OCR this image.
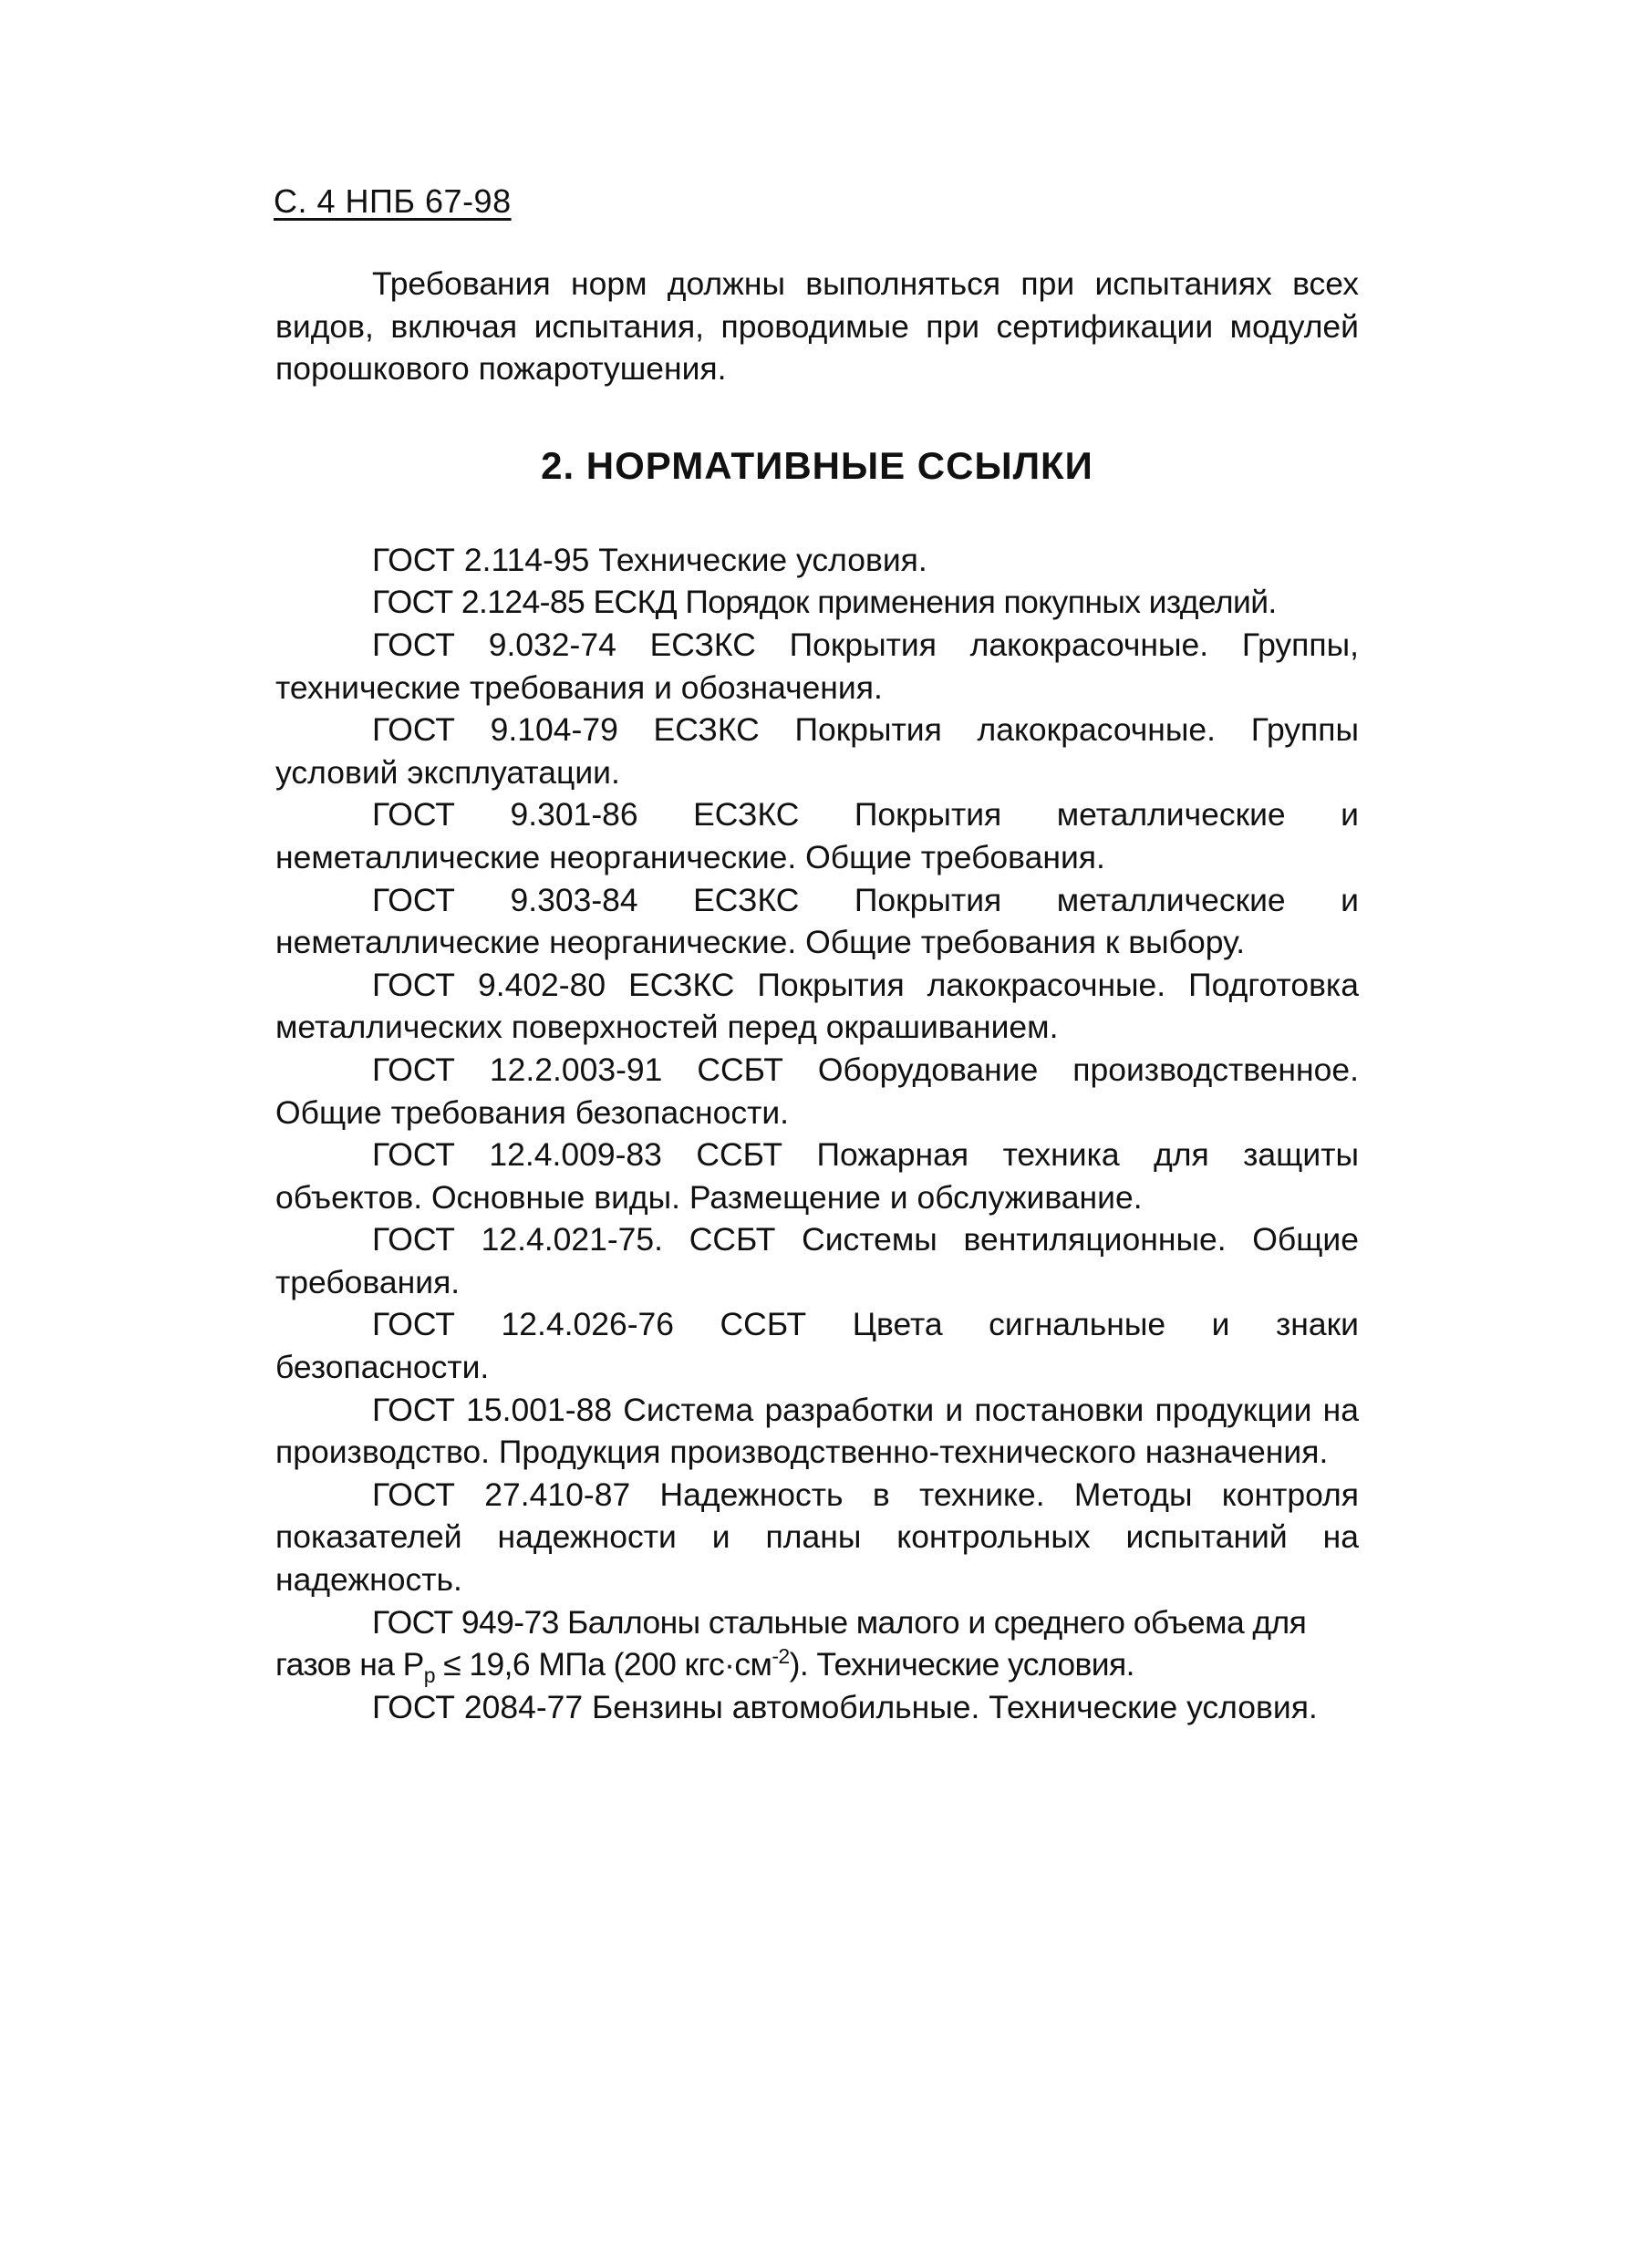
С. 4 НПБ 67-98

Требования норм должны выполняться при испытаниях всех видов, включая испытания, проводимые при сертификации модулей порошкового пожаротушения.

2. НОРМАТИВНЫЕ ССЫЛКИ

ГОСТ 2.114-95 Технические условия.

ГОСТ 2.124-85 ЕСКД Порядок применения покупных изделий.

ГОСТ 9.032-74 ЕСЗКС Покрытия лакокрасочные. Группы, технические требования и обозначения.

ГОСТ 9.104-79 ЕСЗКС Покрытия лакокрасочные. Группы условий эксплуатации.

ГОСТ 9.301-86 ЕСЗКС Покрытия металлические и неметаллические неорганические. Общие требования.

ГОСТ 9.303-84 ЕСЗКС Покрытия металлические и неметаллические неорганические. Общие требования к выбору.

ГОСТ 9.402-80 ЕСЗКС Покрытия лакокрасочные. Подготовка металлических поверхностей перед окрашиванием.

ГОСТ 12.2.003-91 ССБТ Оборудование производственное. Общие требования безопасности.

ГОСТ 12.4.009-83 ССБТ Пожарная техника для защиты объектов. Основные виды. Размещение и обслуживание.

ГОСТ 12.4.021-75. ССБТ Системы вентиляционные. Общие требования.

ГОСТ 12.4.026-76 ССБТ Цвета сигнальные и знаки безопасности.

ГОСТ 15.001-88 Система разработки и постановки продукции на производство. Продукция производственно-технического назначения.

ГОСТ 27.410-87 Надежность в технике. Методы контроля показателей надежности и планы контрольных испытаний на надежность.

ГОСТ 949-73 Баллоны стальные малого и среднего объема для газов на $P_p \le 19,6$ МПа (200 $кгс\cdot см^{-2}$). Технические условия.

ГОСТ 2084-77 Бензины автомобильные. Технические условия.
